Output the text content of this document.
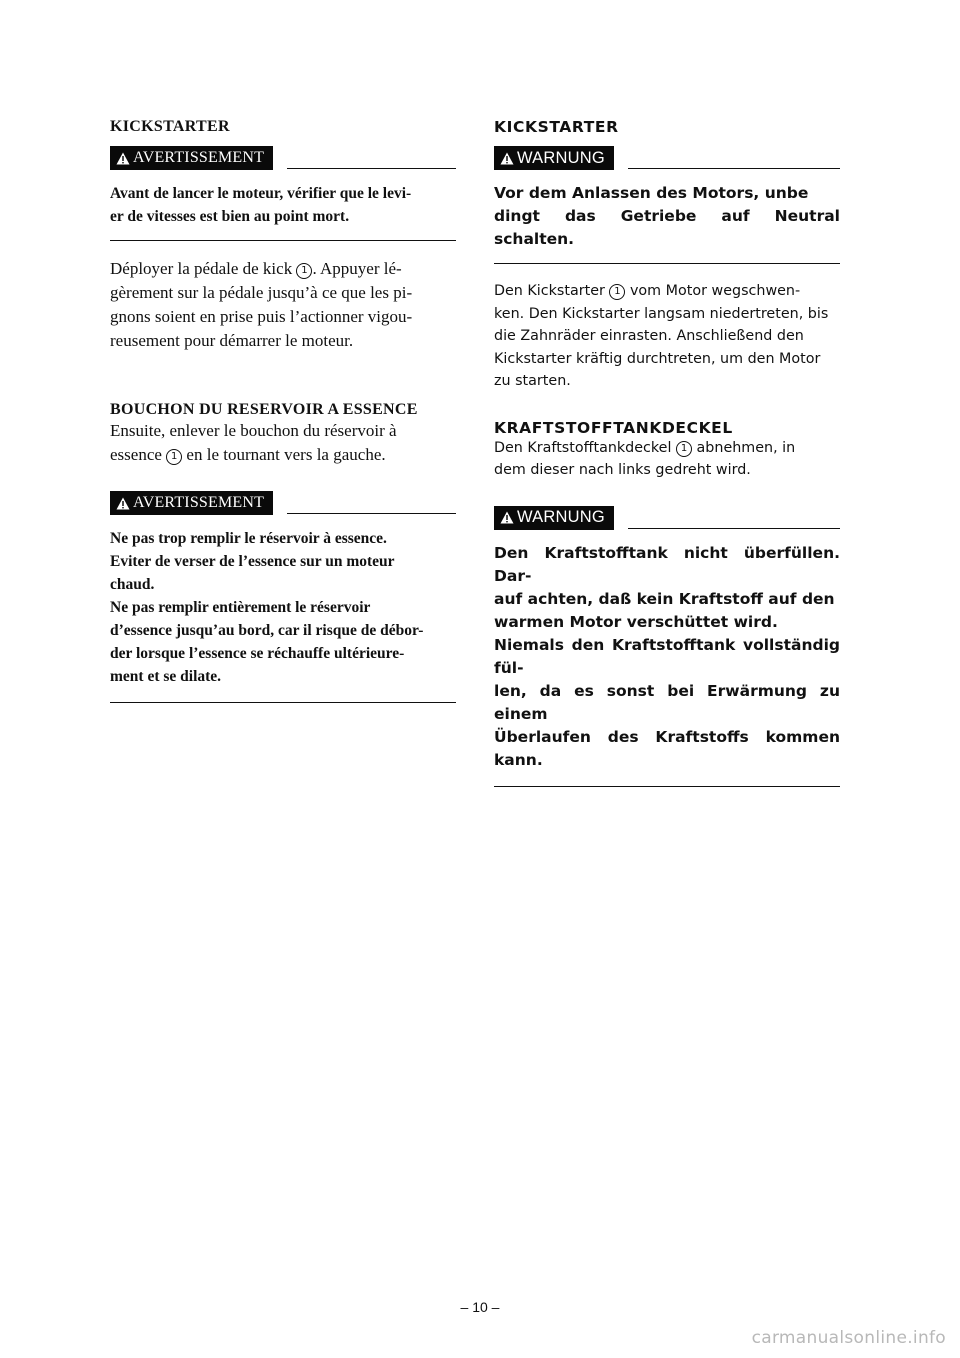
KICKSTARTER

AVERTISSEMENT

Avant de lancer le moteur, vérifier que le levi-

er de vitesses est bien au point mort.

Déployer la pédale de kick 1 . Appuyer lé-

gèrement sur la pédale jusqu’à ce que les pi-

gnons soient en prise puis l’actionner vigou-

reusement pour démarrer le moteur.

BOUCHON DU RESERVOIR A ESSENCE

Ensuite, enlever le bouchon du réservoir à

essence 1 en le tournant vers la gauche.

AVERTISSEMENT

Ne pas trop remplir le réservoir à essence.

Eviter de verser de l’essence sur un moteur

chaud.

Ne pas remplir entièrement le réservoir

d’essence jusqu’au bord, car il risque de débor-

der lorsque l’essence se réchauffe ultérieure-

ment et se dilate.

KICKSTARTER

WARNUNG

Vor dem Anlassen des Motors, unbe

dingt das Getriebe auf Neutral schalten.

Den Kickstarter 1 vom Motor wegschwen-

ken. Den Kickstarter langsam niedertreten, bis

die Zahnräder einrasten. Anschließend den

Kickstarter kräftig durchtreten, um den Motor

zu starten.

KRAFTSTOFFTANKDECKEL

Den Kraftstofftankdeckel 1 abnehmen, in

dem dieser nach links gedreht wird.

WARNUNG

Den Kraftstofftank nicht überfüllen. Dar-

auf achten, daß kein Kraftstoff auf den

warmen Motor verschüttet wird.

Niemals den Kraftstofftank vollständig fül-

len, da es sonst bei Erwärmung zu einem

Überlaufen des Kraftstoffs kommen kann.

– 10 –
carmanualsonline.info
